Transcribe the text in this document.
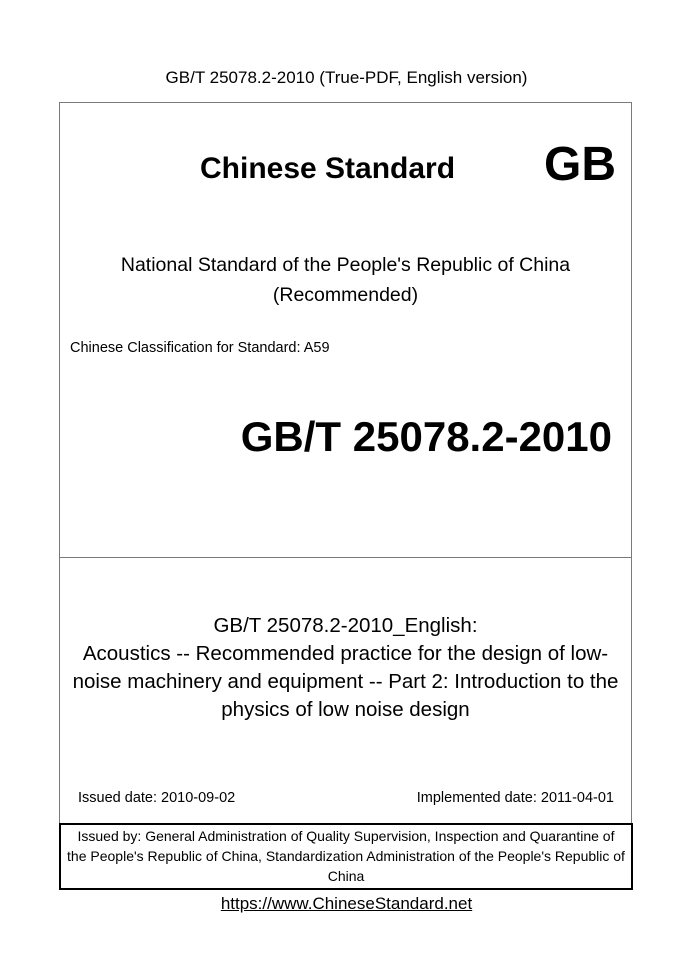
GB/T 25078.2-2010 (True-PDF, English version)
Chinese Standard GB
National Standard of the People's Republic of China
(Recommended)
Chinese Classification for Standard: A59
GB/T 25078.2-2010
GB/T 25078.2-2010_English:
Acoustics -- Recommended practice for the design of low-
noise machinery and equipment -- Part 2: Introduction to the
physics of low noise design
Issued date: 2010-09-02	Implemented date: 2011-04-01
Issued by: General Administration of Quality Supervision, Inspection and Quarantine of
the People's Republic of China, Standardization Administration of the People's Republic of
China
https://www.ChineseStandard.net
